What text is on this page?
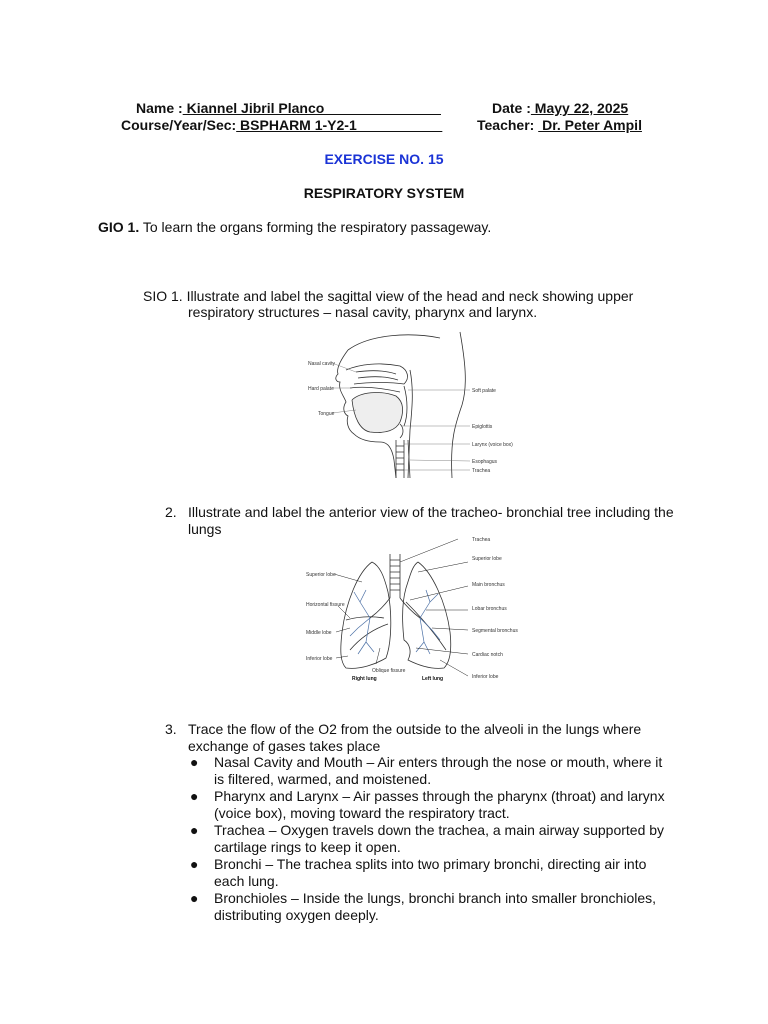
Name : Kiannel Jibril Planco	Date : Mayy 22, 2025
Course/Year/Sec: BSPHARM 1-Y2-1 Teacher:  Dr. Peter Ampil
EXERCISE NO. 15
RESPIRATORY SYSTEM
GIO 1. To learn the organs forming the respiratory passageway.
SIO 1. Illustrate and label the sagittal view of the head and neck showing upper
respiratory structures – nasal cavity, pharynx and larynx.
Nasal cavity
Hard palate
Tongue
Soft palate
Epiglottis
Larynx (voice box)
Esophagus
Trachea
2. Illustrate and label the anterior view of the tracheo- bronchial tree including the
lungs
Trachea
Superior lobe
Main bronchus
Lobar bronchus
Segmental bronchus
Cardiac notch
Inferior lobe
Superior lobe
Horizontal fissure
Middle lobe
Inferior lobe
Oblique fissure
Right lung	Left lung
3. Trace the flow of the O2 from the outside to the alveoli in the lungs where
exchange of gases takes place
● Nasal Cavity and Mouth – Air enters through the nose or mouth, where it
is filtered, warmed, and moistened.
● Pharynx and Larynx – Air passes through the pharynx (throat) and larynx
(voice box), moving toward the respiratory tract.
● Trachea – Oxygen travels down the trachea, a main airway supported by
cartilage rings to keep it open.
● Bronchi – The trachea splits into two primary bronchi, directing air into
each lung.
● Bronchioles – Inside the lungs, bronchi branch into smaller bronchioles,
distributing oxygen deeply.
